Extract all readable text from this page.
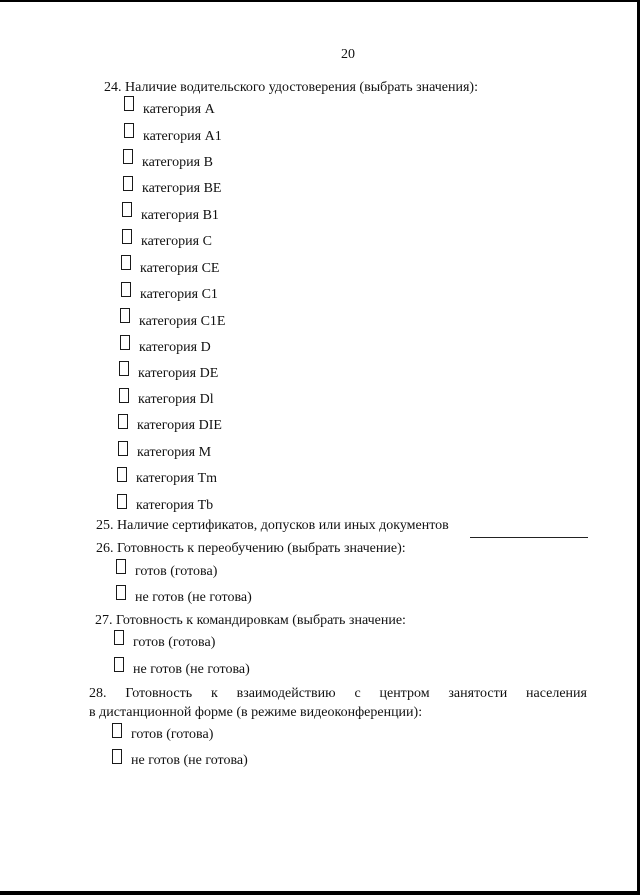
20
24. Наличие водительского удостоверения (выбрать значения):
категория А
категория А1
категория В
категория ВЕ
категория В1
категория С
категория СЕ
категория С1
категория С1Е
категория D
категория DE
категория Dl
категория DIE
категория М
категория Tm
категория Tb
25. Наличие сертификатов, допусков или иных документов
26. Готовность к переобучению (выбрать значение):
готов (готова)
не готов (не готова)
27. Готовность к командировкам (выбрать значение:
готов (готова)
не готов (не готова)
28. Готовность к взаимодействию с центром занятости населения
в дистанционной форме (в режиме видеоконференции):
готов (готова)
не готов (не готова)
